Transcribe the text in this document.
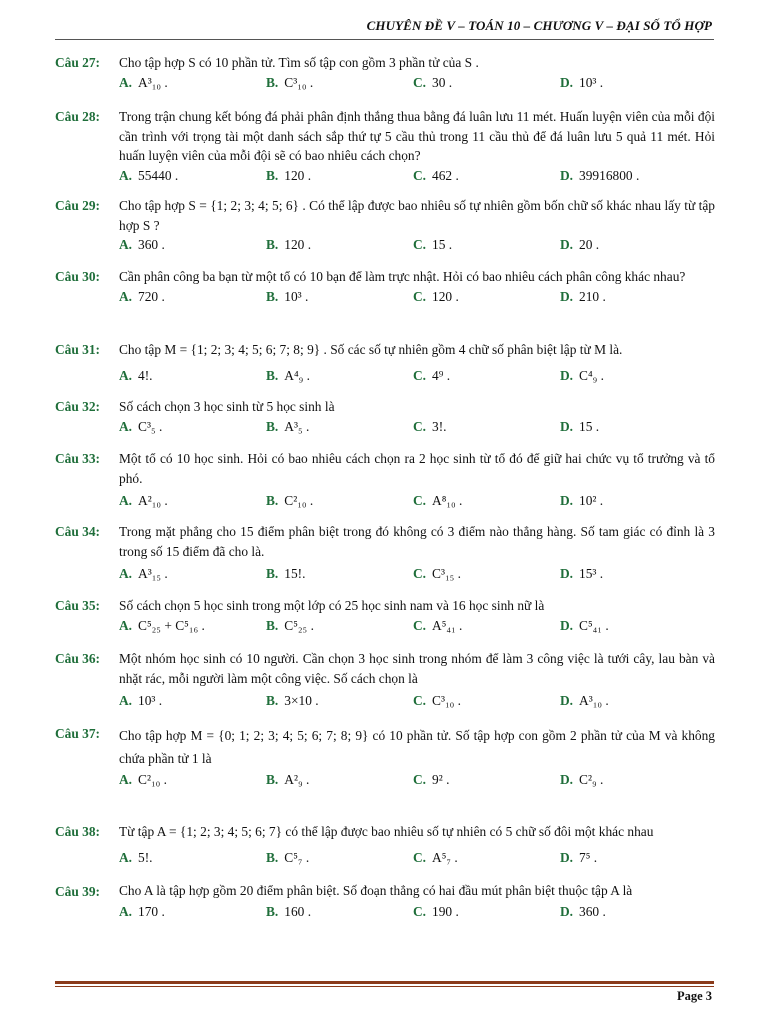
CHUYÊN ĐỀ V – TOÁN 10 – CHƯƠNG V – ĐẠI SỐ TỔ HỢP
Câu 27:	Cho tập hợp S có 10 phần tử. Tìm số tập con gồm 3 phần tử của S .
A. A³₁₀ .	B. C³₁₀ .	C. 30 .	D. 10³ .
Câu 28:	Trong trận chung kết bóng đá phải phân định thắng thua bằng đá luân lưu 11 mét. Huấn luyện viên của mỗi đội cần trình với trọng tài một danh sách sắp thứ tự 5 cầu thủ trong 11 cầu thủ để đá luân lưu 5 quả 11 mét. Hỏi huấn luyện viên của mỗi đội sẽ có bao nhiêu cách chọn?
A. 55440 .	B. 120 .	C. 462 .	D. 39916800 .
Câu 29:	Cho tập hợp S = {1; 2; 3; 4; 5; 6} . Có thể lập được bao nhiêu số tự nhiên gồm bốn chữ số khác nhau lấy từ tập hợp S ?
A. 360 .	B. 120 .	C. 15 .	D. 20 .
Câu 30:	Cần phân công ba bạn từ một tổ có 10 bạn để làm trực nhật. Hỏi có bao nhiêu cách phân công khác nhau?
A. 720 .	B. 10³ .	C. 120 .	D. 210 .
Câu 31:	Cho tập M = {1; 2; 3; 4; 5; 6; 7; 8; 9} . Số các số tự nhiên gồm 4 chữ số phân biệt lập từ M là.
A. 4!.	B. A⁴₉ .	C. 4⁹ .	D. C⁴₉ .
Câu 32:	Số cách chọn 3 học sinh từ 5 học sinh là
A. C³₅ .	B. A³₅ .	C. 3!.	D. 15 .
Câu 33:	Một tổ có 10 học sinh. Hỏi có bao nhiêu cách chọn ra 2 học sinh từ tổ đó để giữ hai chức vụ tổ trưởng và tổ phó.
A. A²₁₀ .	B. C²₁₀ .	C. A⁸₁₀ .	D. 10² .
Câu 34:	Trong mặt phẳng cho 15 điểm phân biệt trong đó không có 3 điểm nào thẳng hàng. Số tam giác có đỉnh là 3 trong số 15 điểm đã cho là.
A. A³₁₅ .	B. 15!.	C. C³₁₅ .	D. 15³ .
Câu 35:	Số cách chọn 5 học sinh trong một lớp có 25 học sinh nam và 16 học sinh nữ là
A. C⁵₂₅ + C⁵₁₆ .	B. C⁵₂₅ .	C. A⁵₄₁ .	D. C⁵₄₁ .
Câu 36:	Một nhóm học sinh có 10 người. Cần chọn 3 học sinh trong nhóm để làm 3 công việc là tưới cây, lau bàn và nhặt rác, mỗi người làm một công việc. Số cách chọn là
A. 10³ .	B. 3×10 .	C. C³₁₀ .	D. A³₁₀ .
Câu 37:	Cho tập hợp M = {0; 1; 2; 3; 4; 5; 6; 7; 8; 9} có 10 phần tử. Số tập hợp con gồm 2 phần tử của M và không chứa phần tử 1 là
A. C²₁₀ .	B. A²₉ .	C. 9² .	D. C²₉ .
Câu 38:	Từ tập A = {1; 2; 3; 4; 5; 6; 7} có thể lập được bao nhiêu số tự nhiên có 5 chữ số đôi một khác nhau
A. 5!.	B. C⁵₇ .	C. A⁵₇ .	D. 7⁵ .
Câu 39:	Cho A là tập hợp gồm 20 điểm phân biệt. Số đoạn thẳng có hai đầu mút phân biệt thuộc tập A là
A. 170 .	B. 160 .	C. 190 .	D. 360 .
Page 3
